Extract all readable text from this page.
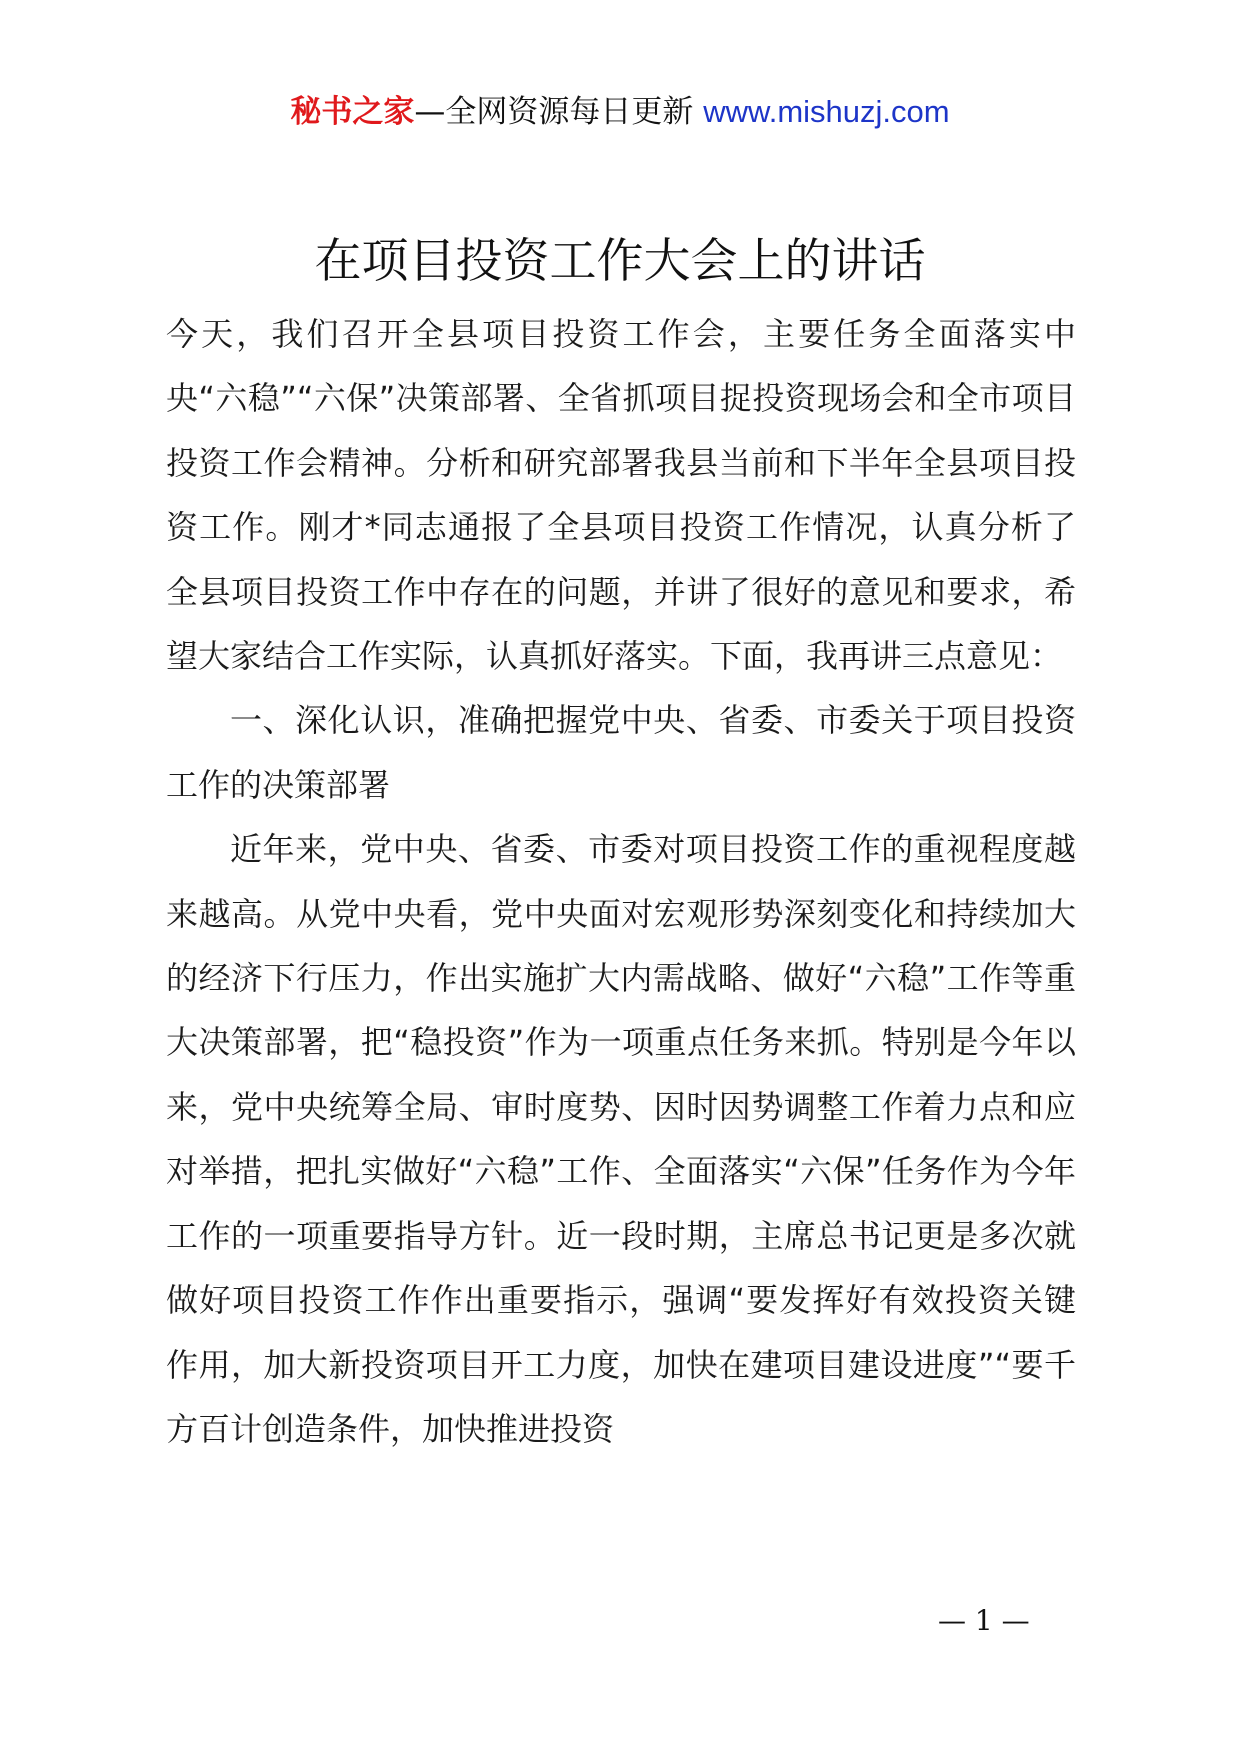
秘书之家—全网资源每日更新 www.mishuzj.com
在项目投资工作大会上的讲话

今天，我们召开全县项目投资工作会，主要任务全面落实中央“六稳”“六保”决策部署、全省抓项目捉投资现场会和全市项目投资工作会精神。分析和研究部署我县当前和下半年全县项目投资工作。刚才*同志通报了全县项目投资工作情况，认真分析了全县项目投资工作中存在的问题，并讲了很好的意见和要求，希望大家结合工作实际，认真抓好落实。下面，我再讲三点意见：

一、深化认识，准确把握党中央、省委、市委关于项目投资工作的决策部署

近年来，党中央、省委、市委对项目投资工作的重视程度越来越高。从党中央看，党中央面对宏观形势深刻变化和持续加大的经济下行压力，作出实施扩大内需战略、做好“六稳”工作等重大决策部署，把“稳投资”作为一项重点任务来抓。特别是今年以来，党中央统筹全局、审时度势、因时因势调整工作着力点和应对举措，把扎实做好“六稳”工作、全面落实“六保”任务作为今年工作的一项重要指导方针。近一段时期，主席总书记更是多次就做好项目投资工作作出重要指示，强调“要发挥好有效投资关键作用，加大新投资项目开工力度，加快在建项目建设进度”“要千方百计创造条件，加快推进投资

— 1 —
